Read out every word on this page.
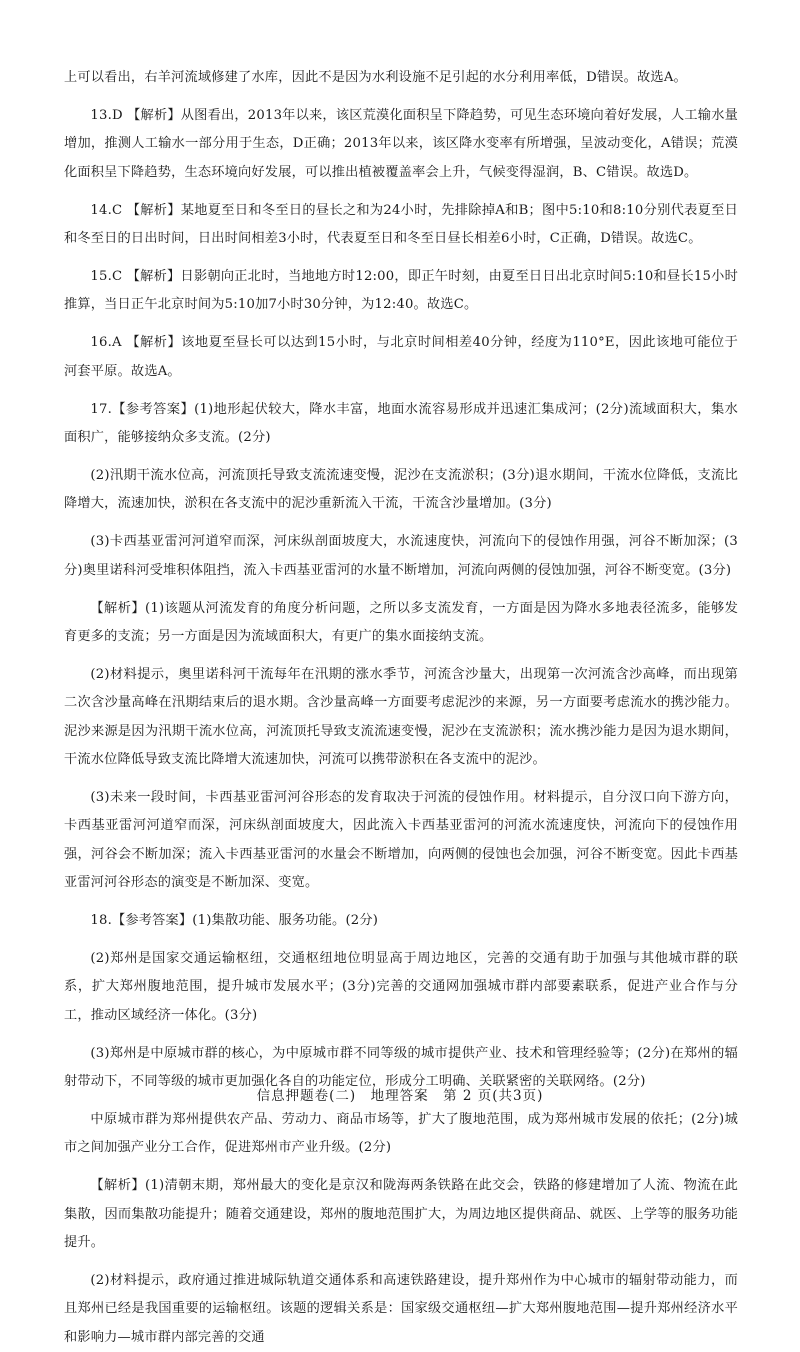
上可以看出，右羊河流域修建了水库，因此不是因为水利设施不足引起的水分利用率低，D错误。故选A。

13.D 【解析】从图看出，2013年以来，该区荒漠化面积呈下降趋势，可见生态环境向着好发展，人工输水量增加，推测人工输水一部分用于生态，D正确；2013年以来，该区降水变率有所增强，呈波动变化，A错误；荒漠化面积呈下降趋势，生态环境向好发展，可以推出植被覆盖率会上升，气候变得湿润，B、C错误。故选D。

14.C 【解析】某地夏至日和冬至日的昼长之和为24小时，先排除掉A和B；图中5:10和8:10分别代表夏至日和冬至日的日出时间，日出时间相差3小时，代表夏至日和冬至日昼长相差6小时，C正确，D错误。故选C。

15.C 【解析】日影朝向正北时，当地地方时12:00，即正午时刻，由夏至日日出北京时间5:10和昼长15小时推算，当日正午北京时间为5:10加7小时30分钟，为12:40。故选C。

16.A 【解析】该地夏至昼长可以达到15小时，与北京时间相差40分钟，经度为110°E，因此该地可能位于河套平原。故选A。

17.【参考答案】(1)地形起伏较大，降水丰富，地面水流容易形成并迅速汇集成河；(2分)流域面积大，集水面积广，能够接纳众多支流。(2分)

(2)汛期干流水位高，河流顶托导致支流流速变慢，泥沙在支流淤积；(3分)退水期间，干流水位降低，支流比降增大，流速加快，淤积在各支流中的泥沙重新流入干流，干流含沙量增加。(3分)

(3)卡西基亚雷河河道窄而深，河床纵剖面坡度大，水流速度快，河流向下的侵蚀作用强，河谷不断加深；(3分)奥里诺科河受堆积体阻挡，流入卡西基亚雷河的水量不断增加，河流向两侧的侵蚀加强，河谷不断变宽。(3分)

【解析】(1)该题从河流发育的角度分析问题，之所以多支流发育，一方面是因为降水多地表径流多，能够发育更多的支流；另一方面是因为流域面积大，有更广的集水面接纳支流。

(2)材料提示，奥里诺科河干流每年在汛期的涨水季节，河流含沙量大，出现第一次河流含沙高峰，而出现第二次含沙量高峰在汛期结束后的退水期。含沙量高峰一方面要考虑泥沙的来源，另一方面要考虑流水的携沙能力。泥沙来源是因为汛期干流水位高，河流顶托导致支流流速变慢，泥沙在支流淤积；流水携沙能力是因为退水期间，干流水位降低导致支流比降增大流速加快，河流可以携带淤积在各支流中的泥沙。

(3)未来一段时间，卡西基亚雷河河谷形态的发育取决于河流的侵蚀作用。材料提示，自分汊口向下游方向，卡西基亚雷河河道窄而深，河床纵剖面坡度大，因此流入卡西基亚雷河的河流水流速度快，河流向下的侵蚀作用强，河谷会不断加深；流入卡西基亚雷河的水量会不断增加，向两侧的侵蚀也会加强，河谷不断变宽。因此卡西基亚雷河河谷形态的演变是不断加深、变宽。

18.【参考答案】(1)集散功能、服务功能。(2分)

(2)郑州是国家交通运输枢纽，交通枢纽地位明显高于周边地区，完善的交通有助于加强与其他城市群的联系，扩大郑州腹地范围，提升城市发展水平；(3分)完善的交通网加强城市群内部要素联系，促进产业合作与分工，推动区域经济一体化。(3分)

(3)郑州是中原城市群的核心，为中原城市群不同等级的城市提供产业、技术和管理经验等；(2分)在郑州的辐射带动下，不同等级的城市更加强化各自的功能定位，形成分工明确、关联紧密的关联网络。(2分)

中原城市群为郑州提供农产品、劳动力、商品市场等，扩大了腹地范围，成为郑州城市发展的依托；(2分)城市之间加强产业分工合作，促进郑州市产业升级。(2分)

【解析】(1)清朝末期，郑州最大的变化是京汉和陇海两条铁路在此交会，铁路的修建增加了人流、物流在此集散，因而集散功能提升；随着交通建设，郑州的腹地范围扩大，为周边地区提供商品、就医、上学等的服务功能提升。

(2)材料提示，政府通过推进城际轨道交通体系和高速铁路建设，提升郑州作为中心城市的辐射带动能力，而且郑州已经是我国重要的运输枢纽。该题的逻辑关系是：国家级交通枢纽—扩大郑州腹地范围—提升郑州经济水平和影响力—城市群内部完善的交通

信息押题卷(二)　地理答案　第 2 页(共3页)
